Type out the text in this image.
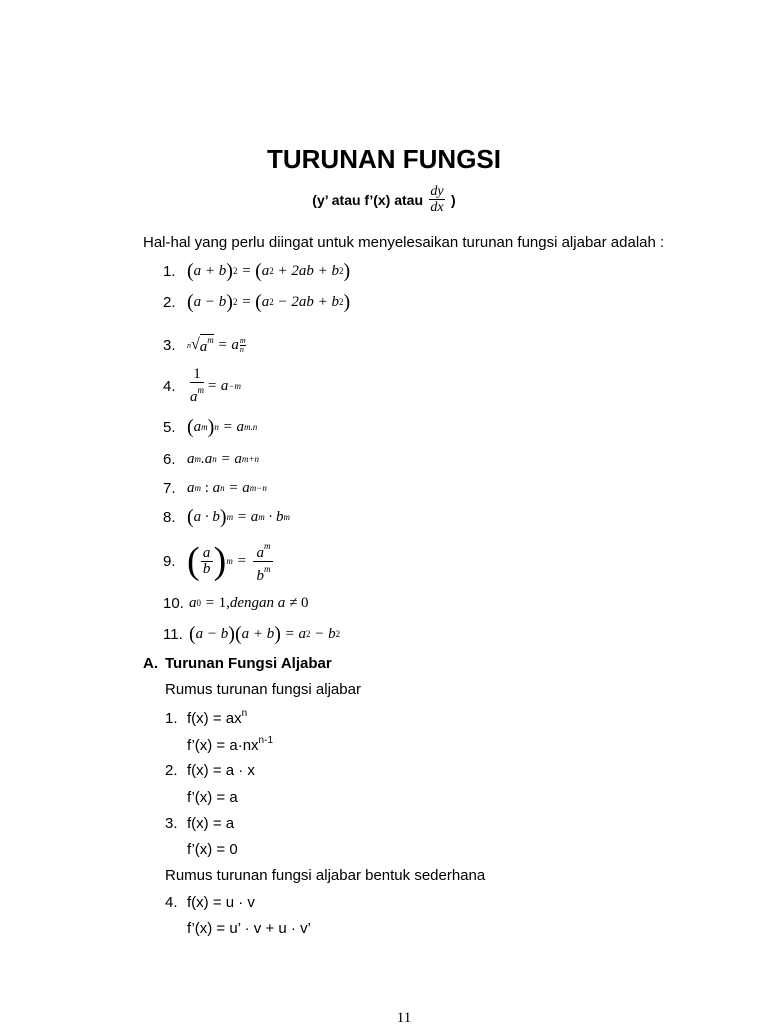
TURUNAN FUNGSI
(y’ atau f’(x) atau $\frac{dy}{dx}$ )
Hal-hal yang perlu diingat untuk menyelesaikan turunan fungsi aljabar adalah :
1. ( a + b ) 2 = ( a 2 + 2ab + b 2 )
2. ( a − b ) 2 = ( a 2 − 2ab + b 2 )
3.	n √ $a^m = a$ m
n
4.
1
$a^m = a -m$
5. ( a m ) n = a m.n
6. a m .a n = a m+n
7. a m
: a n = a m−n
8. ( a · b ) m = a m · b m
9. ( a
b ) $m = a^m$
$b^m$
10. a 0 = 1, dengan a ≠ 0
11. ( a − b )( a + b ) = a 2 − b 2
A. Turunan Fungsi Aljabar
Rumus turunan fungsi aljabar
1. $f(x) = ax^n$
f’(x) = $a\cdot nx^{n-1}$
2. f(x) = a · x
f’(x) = a
3. f(x) = a
f’(x) = 0
Rumus turunan fungsi aljabar bentuk sederhana
4. f(x) = u · v
f’(x) = u’ · v + u · v’
11
